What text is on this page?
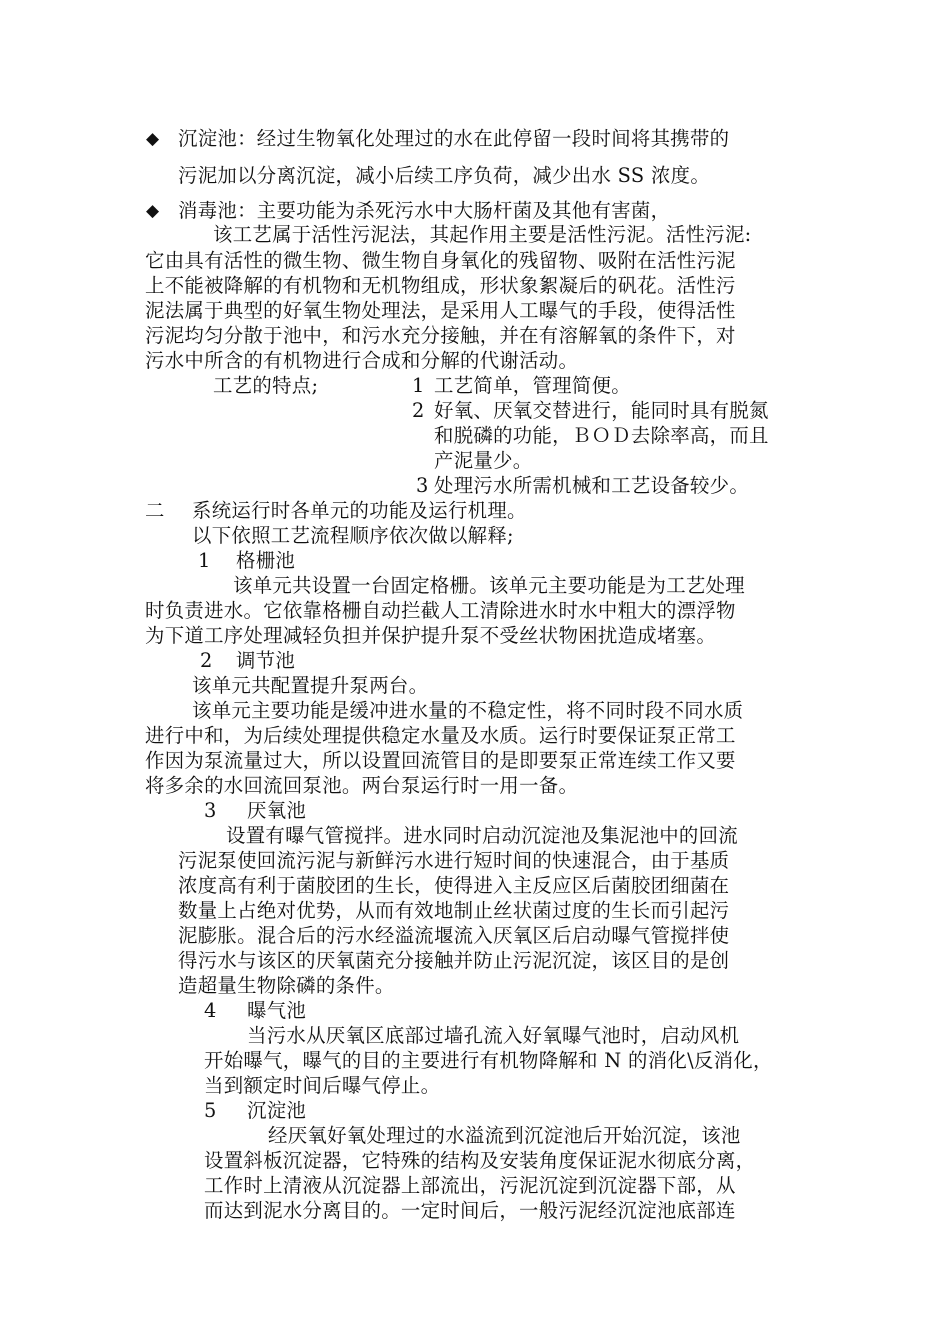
◆ 沉淀池：经过生物氧化处理过的水在此停留一段时间将其携带的
污泥加以分离沉淀，减小后续工序负荷，减少出水 SS 浓度。
◆ 消毒池：主要功能为杀死污水中大肠杆菌及其他有害菌，
该工艺属于活性污泥法，其起作用主要是活性污泥。活性污泥:
它由具有活性的微生物、微生物自身氧化的残留物、吸附在活性污泥
上不能被降解的有机物和无机物组成，形状象絮凝后的矾花。活性污
泥法属于典型的好氧生物处理法，是采用人工曝气的手段，使得活性
污泥均匀分散于池中，和污水充分接触，并在有溶解氧的条件下，对
污水中所含的有机物进行合成和分解的代谢活动。
工艺的特点;	1 工艺简单，管理简便。
2 好氧、厌氧交替进行，能同时具有脱氮
和脱磷的功能，ＢＯＤ去除率高，而且
产泥量少。
3 处理污水所需机械和工艺设备较少。
二 系统运行时各单元的功能及运行机理。
以下依照工艺流程顺序依次做以解释;
1 格栅池
该单元共设置一台固定格栅。该单元主要功能是为工艺处理
时负责进水。它依靠格栅自动拦截人工清除进水时水中粗大的漂浮物
为下道工序处理减轻负担并保护提升泵不受丝状物困扰造成堵塞。
2 调节池
该单元共配置提升泵两台。
该单元主要功能是缓冲进水量的不稳定性，将不同时段不同水质
进行中和，为后续处理提供稳定水量及水质。运行时要保证泵正常工
作因为泵流量过大，所以设置回流管目的是即要泵正常连续工作又要
将多余的水回流回泵池。两台泵运行时一用一备。
3 厌氧池
设置有曝气管搅拌。进水同时启动沉淀池及集泥池中的回流
污泥泵使回流污泥与新鲜污水进行短时间的快速混合，由于基质
浓度高有利于菌胶团的生长，使得进入主反应区后菌胶团细菌在
数量上占绝对优势，从而有效地制止丝状菌过度的生长而引起污
泥膨胀。混合后的污水经溢流堰流入厌氧区后启动曝气管搅拌使
得污水与该区的厌氧菌充分接触并防止污泥沉淀，该区目的是创
造超量生物除磷的条件。
4 曝气池
当污水从厌氧区底部过墙孔流入好氧曝气池时，启动风机
开始曝气，曝气的目的主要进行有机物降解和 N 的消化\反消化，
当到额定时间后曝气停止。
5 沉淀池
经厌氧好氧处理过的水溢流到沉淀池后开始沉淀，该池
设置斜板沉淀器，它特殊的结构及安装角度保证泥水彻底分离，
工作时上清液从沉淀器上部流出，污泥沉淀到沉淀器下部，从
而达到泥水分离目的。一定时间后，一般污泥经沉淀池底部连
